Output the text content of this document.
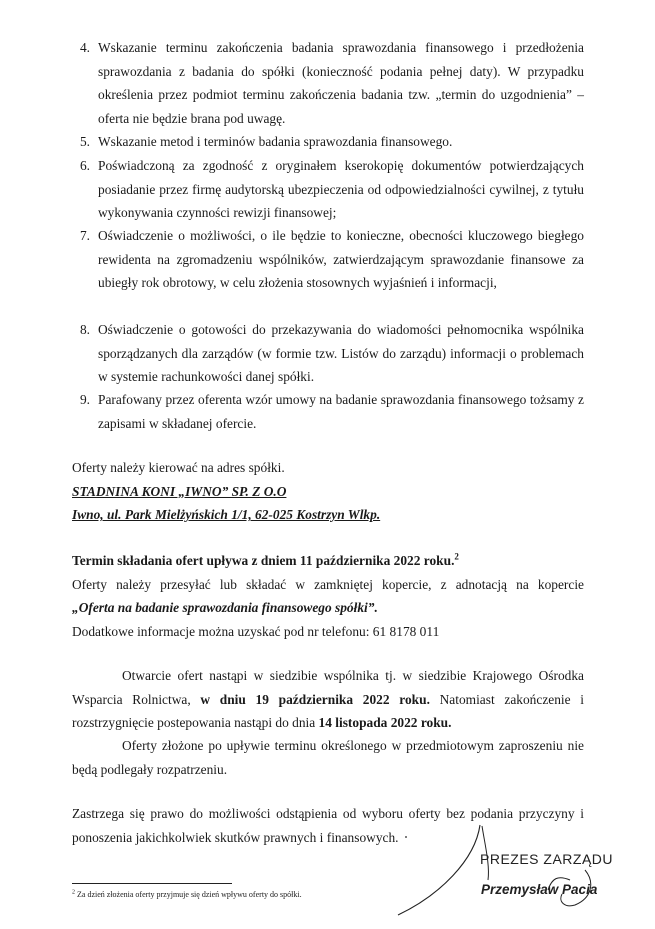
4. Wskazanie terminu zakończenia badania sprawozdania finansowego i przedłożenia sprawozdania z badania do spółki (konieczność podania pełnej daty). W przypadku określenia przez podmiot terminu zakończenia badania tzw. „termin do uzgodnienia” – oferta nie będzie brana pod uwagę.
5. Wskazanie metod i terminów badania sprawozdania finansowego.
6. Poświadczoną za zgodność z oryginałem kserokopię dokumentów potwierdzających posiadanie przez firmę audytorską ubezpieczenia od odpowiedzialności cywilnej, z tytułu wykonywania czynności rewizji finansowej;
7. Oświadczenie o możliwości, o ile będzie to konieczne, obecności kluczowego biegłego rewidenta na zgromadzeniu wspólników, zatwierdzającym sprawozdanie finansowe za ubiegły rok obrotowy, w celu złożenia stosownych wyjaśnień i informacji,
8. Oświadczenie o gotowości do przekazywania do wiadomości pełnomocnika wspólnika sporządzanych dla zarządów (w formie tzw. Listów do zarządu) informacji o problemach w systemie rachunkowości danej spółki.
9. Parafowany przez oferenta wzór umowy na badanie sprawozdania finansowego tożsamy z zapisami w składanej ofercie.
Oferty należy kierować na adres spółki.
STADNINA KONI „IWNO” SP. Z O.O
Iwno, ul. Park Mielżyńskich 1/1, 62-025 Kostrzyn Wlkp.
Termin składania ofert upływa z dniem 11 października 2022 roku.$^2$
Oferty należy przesyłać lub składać w zamkniętej kopercie, z adnotacją na kopercie
„Oferta na badanie sprawozdania finansowego spółki”.
Dodatkowe informacje można uzyskać pod nr telefonu: 61 8178 011
Otwarcie ofert nastąpi w siedzibie wspólnika tj. w siedzibie Krajowego Ośrodka Wsparcia Rolnictwa, w dniu 19 października 2022 roku. Natomiast zakończenie i rozstrzygnięcie postepowania nastąpi do dnia 14 listopada 2022 roku.
Oferty złożone po upływie terminu określonego w przedmiotowym zaproszeniu nie będą podlegały rozpatrzeniu.
Zastrzega się prawo do możliwości odstąpienia od wyboru oferty bez podania przyczyny i ponoszenia jakichkolwiek skutków prawnych i finansowych.
$^2$ Za dzień złożenia oferty przyjmuje się dzień wpływu oferty do spółki.
PREZES ZARZĄDU
Przemysław Pacia
